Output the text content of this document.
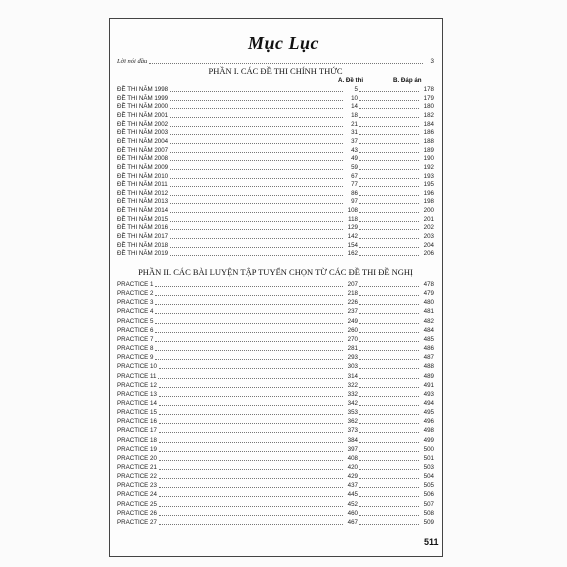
Mục Lục
Lời nói đầu	3
PHẦN I. CÁC ĐỀ THI CHÍNH THỨC
A. Đề thi	B. Đáp án
ĐỀ THI NĂM 1998	5	178
ĐỀ THI NĂM 1999	10	179
ĐỀ THI NĂM 2000	14	180
ĐỀ THI NĂM 2001	18	182
ĐỀ THI NĂM 2002	21	184
ĐỀ THI NĂM 2003	31	186
ĐỀ THI NĂM 2004	37	188
ĐỀ THI NĂM 2007	43	189
ĐỀ THI NĂM 2008	49	190
ĐỀ THI NĂM 2009	59	192
ĐỀ THI NĂM 2010	67	193
ĐỀ THI NĂM 2011	77	195
ĐỀ THI NĂM 2012	86	196
ĐỀ THI NĂM 2013	97	198
ĐỀ THI NĂM 2014	108	200
ĐỀ THI NĂM 2015	118	201
ĐỀ THI NĂM 2016	129	202
ĐỀ THI NĂM 2017	142	203
ĐỀ THI NĂM 2018	154	204
ĐỀ THI NĂM 2019	162	206
PHẦN II. CÁC BÀI LUYỆN TẬP TUYỂN CHỌN TỪ CÁC ĐỀ THI ĐỀ NGHỊ
PRACTICE 1	207	478
PRACTICE 2	218	479
PRACTICE 3	226	480
PRACTICE 4	237	481
PRACTICE 5	249	482
PRACTICE 6	260	484
PRACTICE 7	270	485
PRACTICE 8	281	486
PRACTICE 9	293	487
PRACTICE 10	303	488
PRACTICE 11	314	489
PRACTICE 12	322	491
PRACTICE 13	332	493
PRACTICE 14	342	494
PRACTICE 15	353	495
PRACTICE 16	362	496
PRACTICE 17	373	498
PRACTICE 18	384	499
PRACTICE 19	397	500
PRACTICE 20	408	501
PRACTICE 21	420	503
PRACTICE 22	429	504
PRACTICE 23	437	505
PRACTICE 24	445	506
PRACTICE 25	452	507
PRACTICE 26	460	508
PRACTICE 27	467	509
511
